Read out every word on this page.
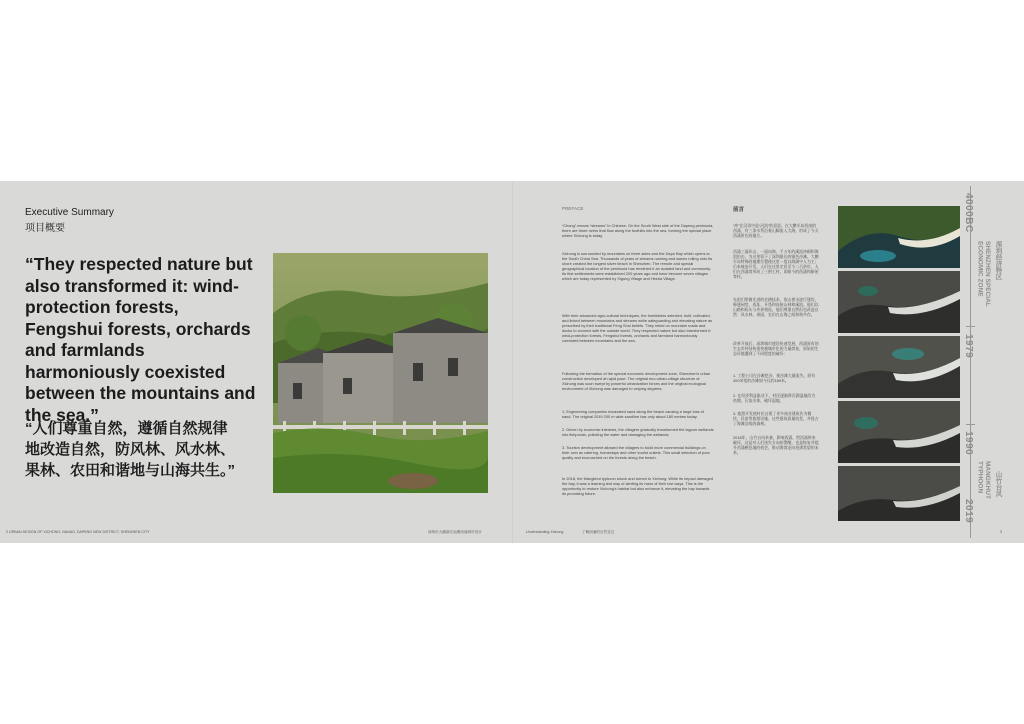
Executive Summary
项目概要
“They respected nature but also transformed it: wind-protection forests, Fengshui forests, orchards and farmlands harmoniously coexisted between the mountains and the sea.”
“人们尊重自然，遵循自然规律地改造自然，防风林、风水林、果林、农田和谐地与山海共生。”
2 URBAN DESIGN OF XICHONG, NANAO, DAPENG NEW DISTRICT, SHENZHEN CITY	深圳市大鹏新区南澳西涌城市设计
PREFACE
“Chong” means “streams” in Chinese. On the South West side of the Dapeng peninsula, there are three rivers that flow along the foothills into the sea, forming the special place where Xichong is today.
Xichong is surrounded by mountains on three sides and the Dapo Bay which opens to the South China Sea. Thousands of years of streams running and waves rolling onto its shore created the longest silver beach in Shenzhen. The remote and special geographical location of the peninsula has rendered it an isolated land and community. Its first settlements were established 200 years ago and have become seven villages which are today represented by Xigong Village and Hesha Village.
With their advanced agro-cultural techniques, the forefathers selected, built, cultivated, and linked between mountains and streams while safeguarding and elevating nature as prescribed by their traditional Feng Shui beliefs. They relied on mountain roads and docks to connect with the outside world. They respected nature but also transformed it: wind-protection forests, Fengshui forests, orchards and farmland harmoniously coexisted between mountains and the sea.
Following the formation of the special economic development zone, Shenzhen's urban construction developed at rapid pace. The original eco-urban-village structure of Xichong was soon swept by powerful urbanization forces and the original ecological environment of Xichong was damaged to varying degrees:
1. Engineering companies excavated sand along the beach causing a large loss of sand. The original 2019 200 m wide sandline has only about 180 metres today.
2. Driven by economic interests, the villagers gradually transformed the lagoon wetlands into fishponds, polluting the water and damaging the wetlands.
3. Tourism development allowed the villagers to build more commercial buildings on their own as catering, homestays and other tourist outlets. This small selection of poor quality and encroached on the forests along the beach.
In 2018, the Mangkhut typhoon struck and turned to Xichong. While its impact damaged the bay, it was a learning test way of alerting its harm of their lost ways. This is the opportunity to restore Xichong's habitat but also enhance it, elevating the bay towards its promising future.
前言
“冲”在汉语中是“河流”的意思。在大鹏半岛西南的西涌，有三条水系沿着山脚流入大海，形成了今天西涌所在的地方。
西涌三面环山，一面向海，千万年的溪流冲刷和海浪拍击，为这里留下了深圳最长的银色沙滩。大鹏半岛特殊的地理位置使这里一度以海湖中人为主；后来被迫开发，人们在这里定居至今二百余年，人们在西涌湾形成了三围七村，即如今的西涌和新屋等村。
先祖们掌握先进的农耕技术，依山傍水进行建设，修建祠堂，选址、开垦和连接山林和溪流。他们以山路和码头与外界相连。他们尊重自然但也改造自然：风水林、果园、农田在山海之间和谐共存。
改革开放后，深圳城市建设快速发展，西涌原有的生态乡村结构很快被城市化的力量席卷，原始的生态环境遭到了不同程度的破坏：
1. 工程公司在沙滩挖沙，使沙滩大量流失，原有200米宽的沙滩如今仅约180米。
2. 在经济利益驱动下，村民逐渐将泻湖湿地改为鱼塘，污染水体，破坏湿地。
3. 旅游开发使村民自建了更多商业建筑作为餐饮、民宿等旅游设施，这些建筑质量较差，并侵占了海滩沿线的森林。
2018年，山竹台风来袭，影响西涌，给西涌带来破坏，这是对人们迷失方向的警醒，也是恢复并提升西涌栖息地的机会，推动海湾走向充满希望的未来。
4000BC
SHENZHEN SPECIAL ECONOMIC ZONE	深圳经济特区
1979
1990
MANGKHUT TYPHOON	山竹台风
2019
Understanding Xichong	了解西涌的自然变迁	3
